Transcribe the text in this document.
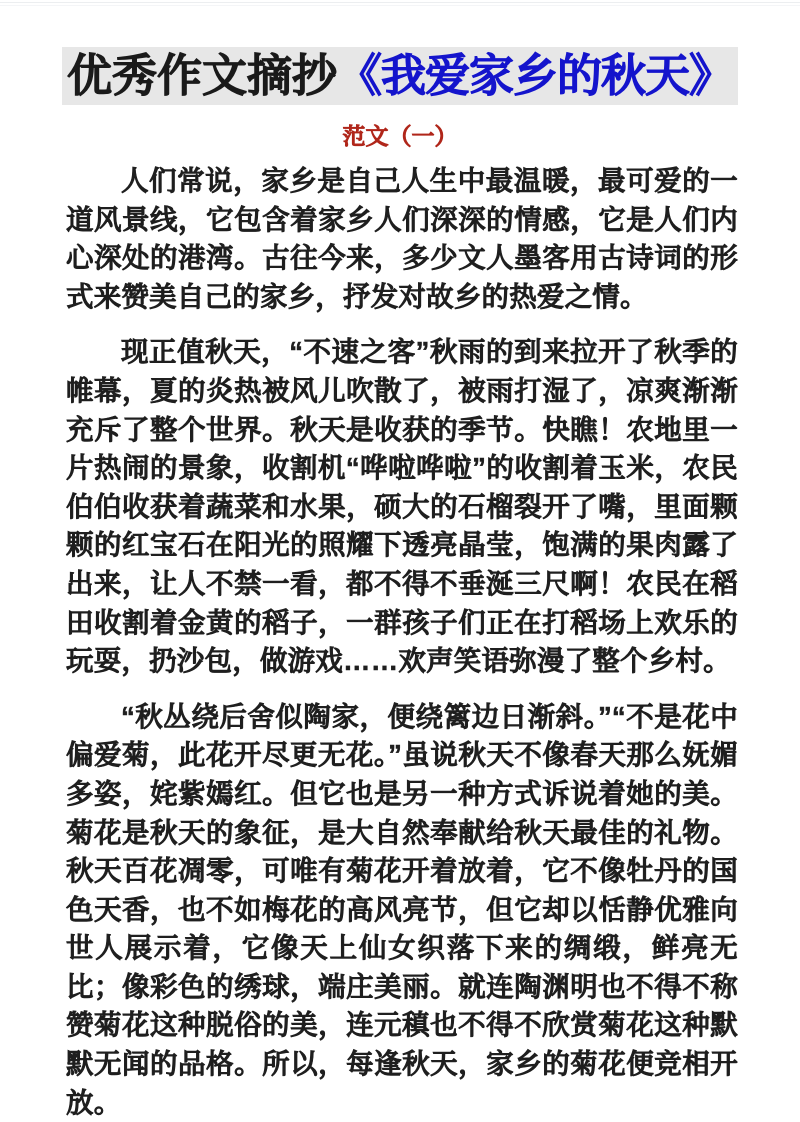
优秀作文摘抄《我爱家乡的秋天》
范文（一）

人们常说，家乡是自己人生中最温暖，最可爱的一道风景线，它包含着家乡人们深深的情感，它是人们内心深处的港湾。古往今来，多少文人墨客用古诗词的形式来赞美自己的家乡，抒发对故乡的热爱之情。

现正值秋天，“不速之客”秋雨的到来拉开了秋季的帷幕，夏的炎热被风儿吹散了，被雨打湿了，凉爽渐渐充斥了整个世界。秋天是收获的季节。快瞧！农地里一片热闹的景象，收割机“哗啦哗啦”的收割着玉米，农民伯伯收获着蔬菜和水果，硕大的石榴裂开了嘴，里面颗颗的红宝石在阳光的照耀下透亮晶莹，饱满的果肉露了出来，让人不禁一看，都不得不垂涎三尺啊！农民在稻田收割着金黄的稻子，一群孩子们正在打稻场上欢乐的玩耍，扔沙包，做游戏……欢声笑语弥漫了整个乡村。

“秋丛绕后舍似陶家，便绕篱边日渐斜。”“不是花中偏爱菊，此花开尽更无花。”虽说秋天不像春天那么妩媚多姿，姹紫嫣红。但它也是另一种方式诉说着她的美。菊花是秋天的象征，是大自然奉献给秋天最佳的礼物。秋天百花凋零，可唯有菊花开着放着，它不像牡丹的国色天香，也不如梅花的高风亮节，但它却以恬静优雅向世人展示着，它像天上仙女织落下来的绸缎，鲜亮无比；像彩色的绣球，端庄美丽。就连陶渊明也不得不称赞菊花这种脱俗的美，连元稹也不得不欣赏菊花这种默默无闻的品格。所以，每逢秋天，家乡的菊花便竞相开放。
